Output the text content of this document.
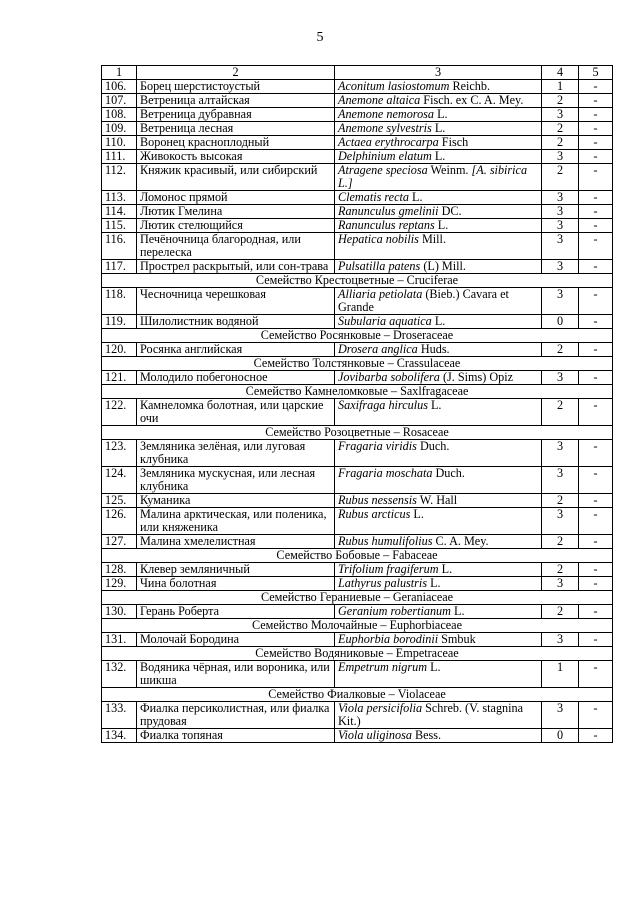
5
1	2	3	4	5
106.	Борец шерстистоустый	Aconitum lasiostomum Reichb.	1	-
107.	Ветреница алтайская	Anemone altaica Fisch. ex C. A. Mey.	2	-
108.	Ветреница дубравная	Anemone nemorosa L.	3	-
109.	Ветреница лесная	Anemone sylvestris L.	2	-
110.	Воронец красноплодный	Actaea erythrocarpa Fisch	2	-
111.	Живокость высокая	Delphinium elatum L.	3	-
112.	Княжик красивый, или сибирский	Atragene speciosa Weinm. [A. sibirica L.]	2	-
113.	Ломонос прямой	Clematis recta L.	3	-
114.	Лютик Гмелина	Ranunculus gmelinii DC.	3	-
115.	Лютик стелющийся	Ranunculus reptans L.	3	-
116.	Печёночница благородная, или перелеска	Hepatica nobilis Mill.	3	-
117.	Прострел раскрытый, или сон-трава	Pulsatilla patens (L) Mill.	3	-
Семейство Крестоцветные – Cruciferae				
118.	Чесночница черешковая	Alliaria petiolata (Bieb.) Cavara et Grande	3	-
119.	Шилолистник водяной	Subularia aquatica L.	0	-
Семейство Росянковые – Droseraceae				
120.	Росянка английская	Drosera anglica Huds.	2	-
Семейство Толстянковые – Crassulaceae				
121.	Молодило побегоносное	Jovibarba sobolifera (J. Sims) Opiz	3	-
Семейство Камнеломковые – Saxlfragaceae				
122.	Камнеломка болотная, или царские очи	Saxifraga hirculus L.	2	-
Семейство Розоцветные – Rosaceae				
123.	Земляника зелёная, или луговая клубника	Fragaria viridis Duch.	3	-
124.	Земляника мускусная, или лесная клубника	Fragaria moschata Duch.	3	-
125.	Куманика	Rubus nessensis W. Hall	2	-
126.	Малина арктическая, или поленика, или княженика	Rubus arcticus L.	3	-
127.	Малина хмелелистная	Rubus humulifolius C. A. Mey.	2	-
Семейство Бобовые – Fabaceae				
128.	Клевер земляничный	Trifolium fragiferum L.	2	-
129.	Чина болотная	Lathyrus palustris L.	3	-
Семейство Гераниевые – Geraniaceae				
130.	Герань Роберта	Geranium robertianum L.	2	-
Семейство Молочайные – Euphorbiaceae				
131.	Молочай Бородина	Euphorbia borodinii Smbuk	3	-
Семейство Водяниковые – Empetraceae				
132.	Водяника чёрная, или вороника, или шикша	Empetrum nigrum L.	1	-
Семейство Фиалковые – Violaceae				
133.	Фиалка персиколистная, или фиалка прудовая	Viola persicifolia Schreb. (V. stagnina Kit.)	3	-
134.	Фиалка топяная	Viola uliginosa Bess.	0	-
